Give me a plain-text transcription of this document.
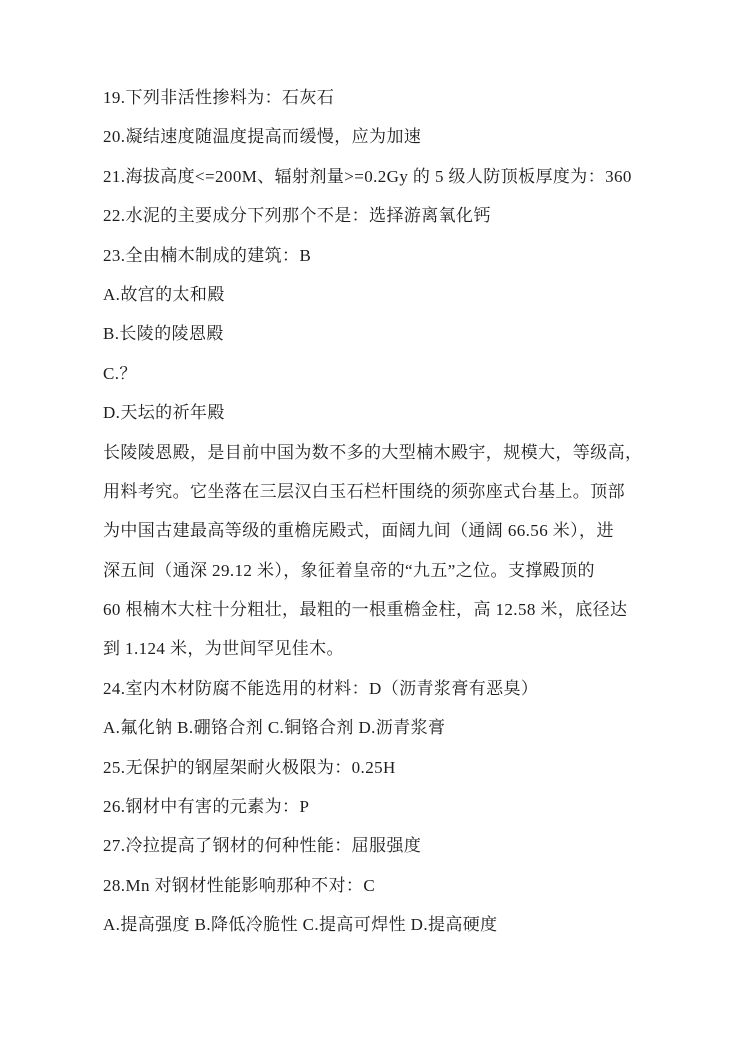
19.下列非活性掺料为：石灰石
20.凝结速度随温度提高而缓慢，应为加速
21.海拔高度<=200M、辐射剂量>=0.2Gy 的 5 级人防顶板厚度为：360
22.水泥的主要成分下列那个不是：选择游离氧化钙
23.全由楠木制成的建筑：B
A.故宫的太和殿
B.长陵的陵恩殿
C.？
D.天坛的祈年殿
长陵陵恩殿，是目前中国为数不多的大型楠木殿宇，规模大，等级高，
用料考究。它坐落在三层汉白玉石栏杆围绕的须弥座式台基上。顶部
为中国古建最高等级的重檐庑殿式，面阔九间（通阔 66.56 米），进
深五间（通深 29.12 米），象征着皇帝的“九五”之位。支撑殿顶的
60 根楠木大柱十分粗壮，最粗的一根重檐金柱，高 12.58 米，底径达
到 1.124 米，为世间罕见佳木。
24.室内木材防腐不能选用的材料：D（沥青浆膏有恶臭）
A.氟化钠 B.硼铬合剂 C.铜铬合剂 D.沥青浆膏
25.无保护的钢屋架耐火极限为：0.25H
26.钢材中有害的元素为：P
27.冷拉提高了钢材的何种性能：屈服强度
28.Mn 对钢材性能影响那种不对：C
A.提高强度 B.降低冷脆性 C.提高可焊性 D.提高硬度
